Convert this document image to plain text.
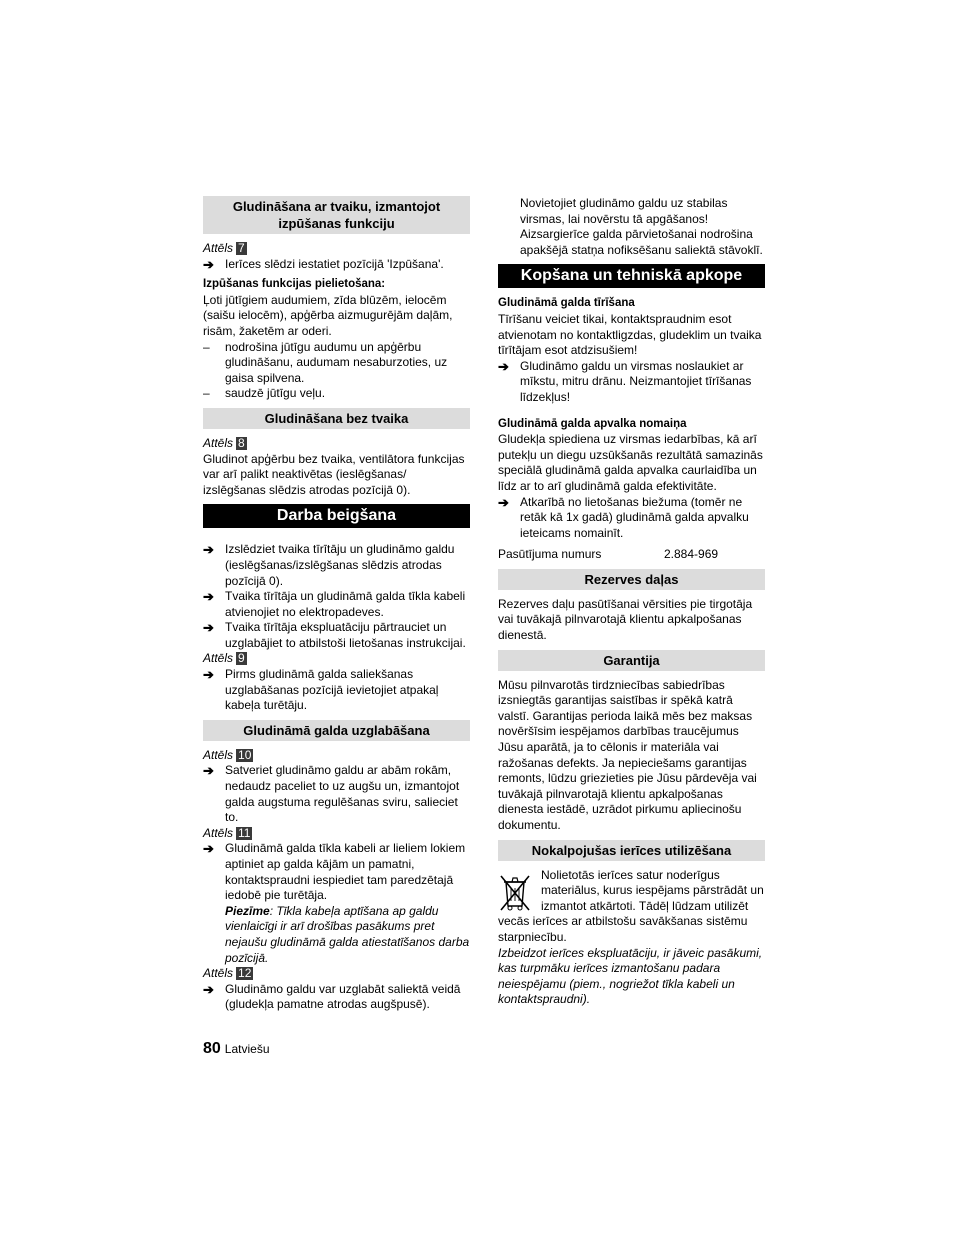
Gludināšana ar tvaiku, izmantojot izpūšanas funkciju
Attēls 7
➔ Ierīces slēdzi iestatiet pozīcijā 'Izpūšana'.
Izpūšanas funkcijas pielietošana:

Ļoti jūtīgiem audumiem, zīda blūzēm, ielocēm (saišu ielocēm), apģērba aizmugurējām daļām, risām, žaketēm ar oderi.

–	nodrošina jūtīgu audumu un apģērbu gludināšanu, audumam nesaburzoties, uz gaisa spilvena.
–	saudzē jūtīgu veļu.
Gludināšana bez tvaika
Attēls 8

Gludinot apģērbu bez tvaika, ventilātora funkcijas var arī palikt neaktivētas (ieslēgšanas/ izslēgšanas slēdzis atrodas pozīcijā 0).

Darba beigšana
➔ Izslēdziet tvaika tīrītāju un gludināmo galdu (ieslēgšanas/izslēgšanas slēdzis atrodas pozīcijā 0).
➔ Tvaika tīrītāja un gludināmā galda tīkla kabeli atvienojiet no elektropadeves.
➔ Tvaika tīrītāja ekspluatāciju pārtrauciet un uzglabājiet to atbilstoši lietošanas instrukcijai.
Attēls 9
➔ Pirms gludināmā galda saliekšanas uzglabāšanas pozīcijā ievietojiet atpakaļ kabeļa turētāju.
Gludināmā galda uzglabāšana
Attēls 10
➔ Satveriet gludināmo galdu ar abām rokām, nedaudz paceliet to uz augšu un, izmantojot galda augstuma regulēšanas sviru, salieciet to.
Attēls 11
➔ Gludināmā galda tīkla kabeli ar lieliem lokiem aptiniet ap galda kājām un pamatni, kontaktspraudni iespiediet tam paredzētajā iedobē pie turētāja.
Piezīme: Tīkla kabeļa aptīšana ap galdu vienlaicīgi ir arī drošības pasākums pret nejaušu gludināmā galda atiestatīšanos darba pozīcijā.
Attēls 12
➔ Gludināmo galdu var uzglabāt saliektā veidā (gludekļa pamatne atrodas augšpusē).

Novietojiet gludināmo galdu uz stabilas virsmas, lai novērstu tā apgāšanos!

Aizsargierīce galda pārvietošanai nodrošina apakšējā statņa nofiksēšanu saliektā stāvoklī.

Kopšana un tehniskā apkope
Gludināmā galda tīrīšana

Tīrīšanu veiciet tikai, kontaktspraudnim esot atvienotam no kontaktligzdas, gludeklim un tvaika tīrītājam esot atdzisušiem!

➔ Gludināmo galdu un virsmas noslaukiet ar mīkstu, mitru drānu. Neizmantojiet tīrīšanas līdzekļus!
Gludināmā galda apvalka nomaiņa

Gludekļa spiediena uz virsmas iedarbības, kā arī putekļu un diegu uzsūkšanās rezultātā samazinās speciālā gludināmā galda apvalka caurlaidība un līdz ar to arī gludināmā galda efektivitāte.

➔ Atkarībā no lietošanas biežuma (tomēr ne retāk kā 1x gadā) gludināmā galda apvalku ieteicams nomainīt.
Pasūtījuma numurs	2.884-969
Rezerves daļas

Rezerves daļu pasūtīšanai vērsities pie tirgotāja vai tuvākajā pilnvarotajā klientu apkalpošanas dienestā.

Garantija

Mūsu pilnvarotās tirdzniecības sabiedrības izsniegtās garantijas saistības ir spēkā katrā valstī. Garantijas perioda laikā mēs bez maksas novēršīsim iespējamos darbības traucējumus Jūsu aparātā, ja to cēlonis ir materiāla vai ražošanas defekts. Ja nepieciešams garantijas remonts, lūdzu griezieties pie Jūsu pārdevēja vai tuvākajā pilnvarotajā klientu apkalpošanas dienesta iestādē, uzrādot pirkumu apliecinošu dokumentu.

Nokalpojušas ierīces utilizēšana

Nolietotās ierīces satur noderīgus materiālus, kurus iespējams pārstrādāt un izmantot atkārtoti. Tādēļ lūdzam utilizēt vecās ierīces ar atbilstošu savākšanas sistēmu starpniecību.

Izbeidzot ierīces ekspluatāciju, ir jāveic pasākumi, kas turpmāku ierīces izmantošanu padara neiespējamu (piem., nogriežot tīkla kabeli un kontaktspraudni).

80 Latviešu
